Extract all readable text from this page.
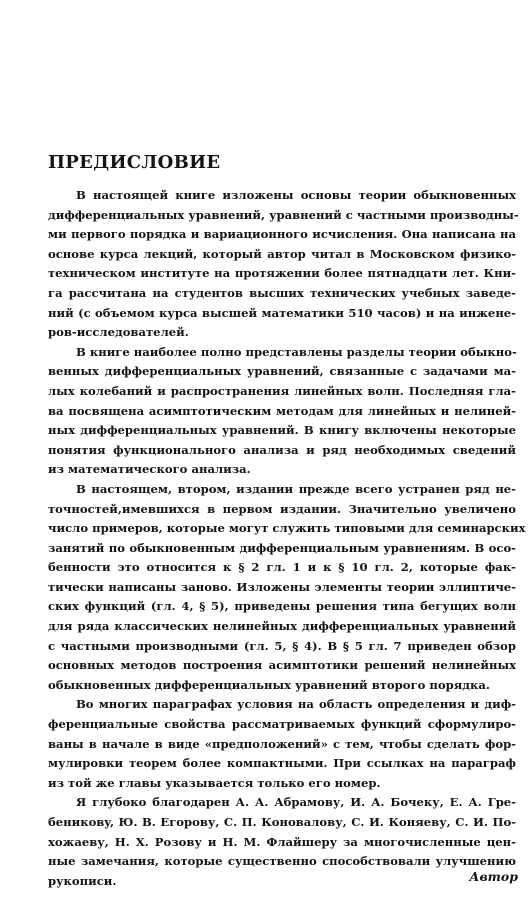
ПРЕДИСЛОВИЕ
В настоящей книге изложены основы теории обыкновенных
дифференциальных уравнений, уравнений с частными производны-
ми первого порядка и вариационного исчисления. Она написана на
основе курса лекций, который автор читал в Московском физико-
техническом институте на протяжении более пятнадцати лет. Кни-
га рассчитана на студентов высших технических учебных заведе-
ний (с объемом курса высшей математики 510 часов) и на инжене-
ров-исследователей.
В книге наиболее полно представлены разделы теории обыкно-
венных дифференциальных уравнений, связанные с задачами ма-
лых колебаний и распространения линейных волн. Последняя гла-
ва посвящена асимптотическим методам для линейных и нелиней-
ных дифференциальных уравнений. В книгу включены некоторые
понятия функционального анализа и ряд необходимых сведений
из математического анализа.
В настоящем, втором, издании прежде всего устранен ряд не-
точностей,имевшихся в первом издании. Значительно увеличено
число примеров, которые могут служить типовыми для семинарских
занятий по обыкновенным дифференциальным уравнениям. В осо-
бенности это относится к § 2 гл. 1 и к § 10 гл. 2, которые фак-
тически написаны заново. Изложены элементы теории эллиптиче-
ских функций (гл. 4, § 5), приведены решения типа бегущих волн
для ряда классических нелинейных дифференциальных уравнений
с частными производными (гл. 5, § 4). В § 5 гл. 7 приведен обзор
основных методов построения асимптотики решений нелинейных
обыкновенных дифференциальных уравнений второго порядка.
Во многих параграфах условия на область определения и диф-
ференциальные свойства рассматриваемых функций сформулиро-
ваны в начале в виде «предположений» с тем, чтобы сделать фор-
мулировки теорем более компактными. При ссылках на параграф
из той же главы указывается только его номер.
Я глубоко благодарен А. А. Абрамову, И. А. Бочеку, Е. А. Гре-
бениковy, Ю. В. Егорову, С. П. Коновалову, С. И. Коняеву, С. И. По-
хожаеву, Н. Х. Розову и Н. М. Флайшеру за многочисленные цен-
ные замечания, которые существенно способствовали улучшению
рукописи.	Автор
